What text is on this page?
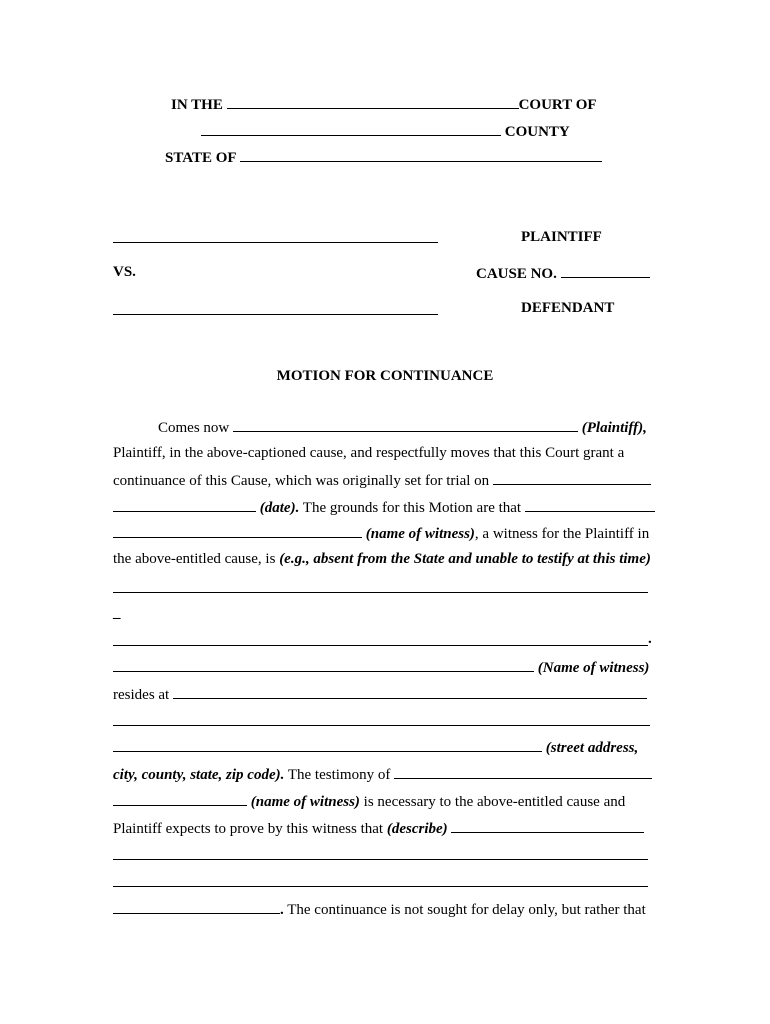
IN THE	COURT OF
COUNTY
STATE OF
PLAINTIFF
VS.	CAUSE NO.
DEFENDANT
MOTION FOR CONTINUANCE
Comes now	(Plaintiff),
Plaintiff, in the above-captioned cause, and respectfully moves that this Court grant a
continuance of this Cause, which was originally set for trial on
(date). The grounds for this Motion are that
(name of witness), a witness for the Plaintiff in
the above-entitled cause, is (e.g., absent from the State and unable to testify at this time)
_
.
(Name of witness)
resides at
(street address,
city, county, state, zip code). The testimony of
(name of witness) is necessary to the above-entitled cause and
Plaintiff expects to prove by this witness that (describe)
. The continuance is not sought for delay only, but rather that
